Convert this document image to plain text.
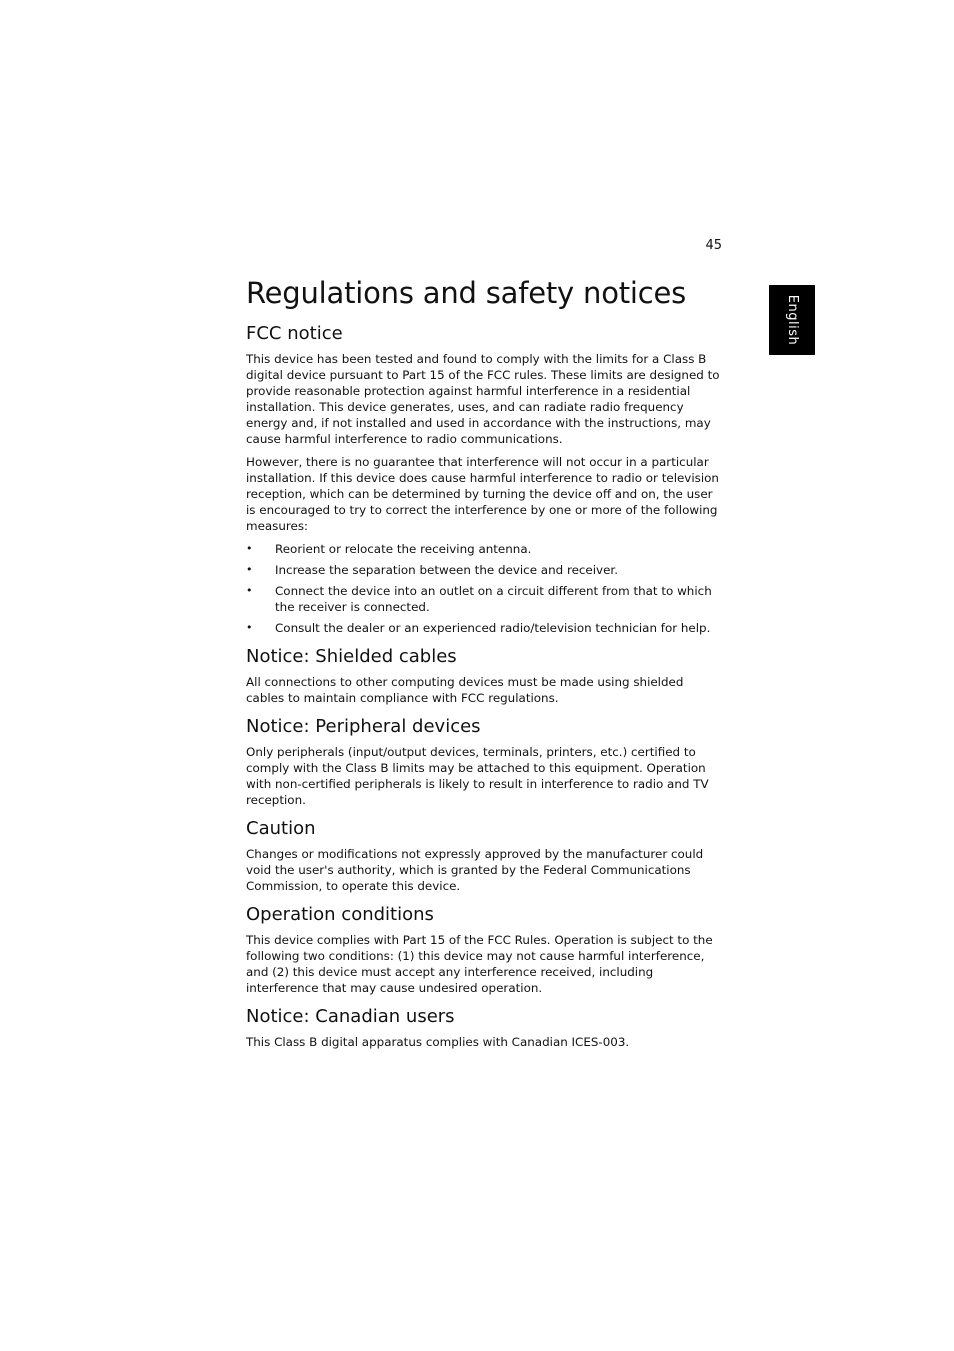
45
English
Regulations and safety notices
FCC notice

This device has been tested and found to comply with the limits for a Class B digital device pursuant to Part 15 of the FCC rules. These limits are designed to provide reasonable protection against harmful interference in a residential installation. This device generates, uses, and can radiate radio frequency energy and, if not installed and used in accordance with the instructions, may cause harmful interference to radio communications.

However, there is no guarantee that interference will not occur in a particular installation. If this device does cause harmful interference to radio or television reception, which can be determined by turning the device off and on, the user is encouraged to try to correct the interference by one or more of the following measures:

• Reorient or relocate the receiving antenna.
• Increase the separation between the device and receiver.
• Connect the device into an outlet on a circuit different from that to which the receiver is connected.
• Consult the dealer or an experienced radio/television technician for help.
Notice: Shielded cables

All connections to other computing devices must be made using shielded cables to maintain compliance with FCC regulations.

Notice: Peripheral devices

Only peripherals (input/output devices, terminals, printers, etc.) certified to comply with the Class B limits may be attached to this equipment. Operation with non-certified peripherals is likely to result in interference to radio and TV reception.

Caution

Changes or modifications not expressly approved by the manufacturer could void the user's authority, which is granted by the Federal Communications Commission, to operate this device.

Operation conditions

This device complies with Part 15 of the FCC Rules. Operation is subject to the following two conditions: (1) this device may not cause harmful interference, and (2) this device must accept any interference received, including interference that may cause undesired operation.

Notice: Canadian users

This Class B digital apparatus complies with Canadian ICES-003.
